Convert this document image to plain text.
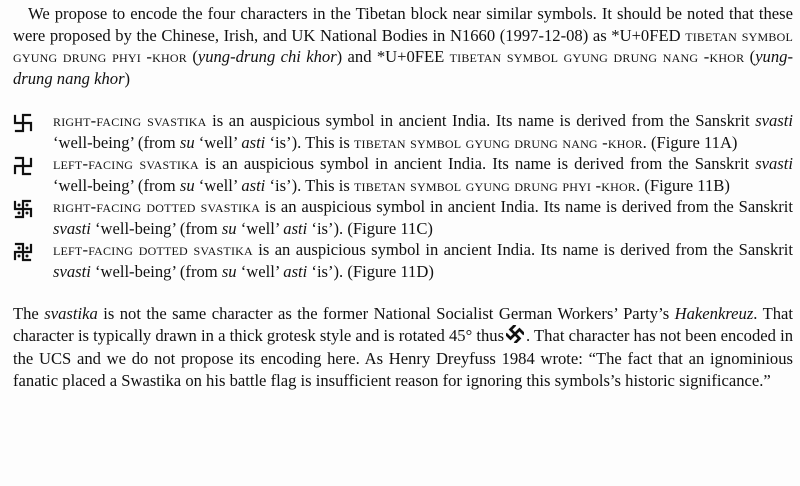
We propose to encode the four characters in the Tibetan block near similar symbols. It should be noted that these were proposed by the Chinese, Irish, and UK National Bodies in N1660 (1997-12-08) as *U+0FED tibetan symbol gyung drung phyi -khor (yung-drung chi khor) and *U+0FEE tibetan symbol gyung drung nang -khor (yung-drung nang khor)

right-facing svastika is an auspicious symbol in ancient India. Its name is derived from the Sanskrit svasti ‘well-being’ (from su ‘well’ asti ‘is’). This is tibetan symbol gyung drung nang -khor. (Figure 11A)
left-facing svastika is an auspicious symbol in ancient India. Its name is derived from the Sanskrit svasti ‘well-being’ (from su ‘well’ asti ‘is’). This is tibetan symbol gyung drung phyi -khor. (Figure 11B)
right-facing dotted svastika is an auspicious symbol in ancient India. Its name is derived from the Sanskrit svasti ‘well-being’ (from su ‘well’ asti ‘is’). (Figure 11C)
left-facing dotted svastika is an auspicious symbol in ancient India. Its name is derived from the Sanskrit svasti ‘well-being’ (from su ‘well’ asti ‘is’). (Figure 11D)

The svastika is not the same character as the former National Socialist German Workers’ Party’s Hakenkreuz. That character is typically drawn in a thick grotesk style and is rotated 45° thus . That character has not been encoded in the UCS and we do not propose its encoding here. As Henry Dreyfuss 1984 wrote: “The fact that an ignominious fanatic placed a Swastika on his battle flag is insufficient reason for ignoring this symbols’s historic significance.”
